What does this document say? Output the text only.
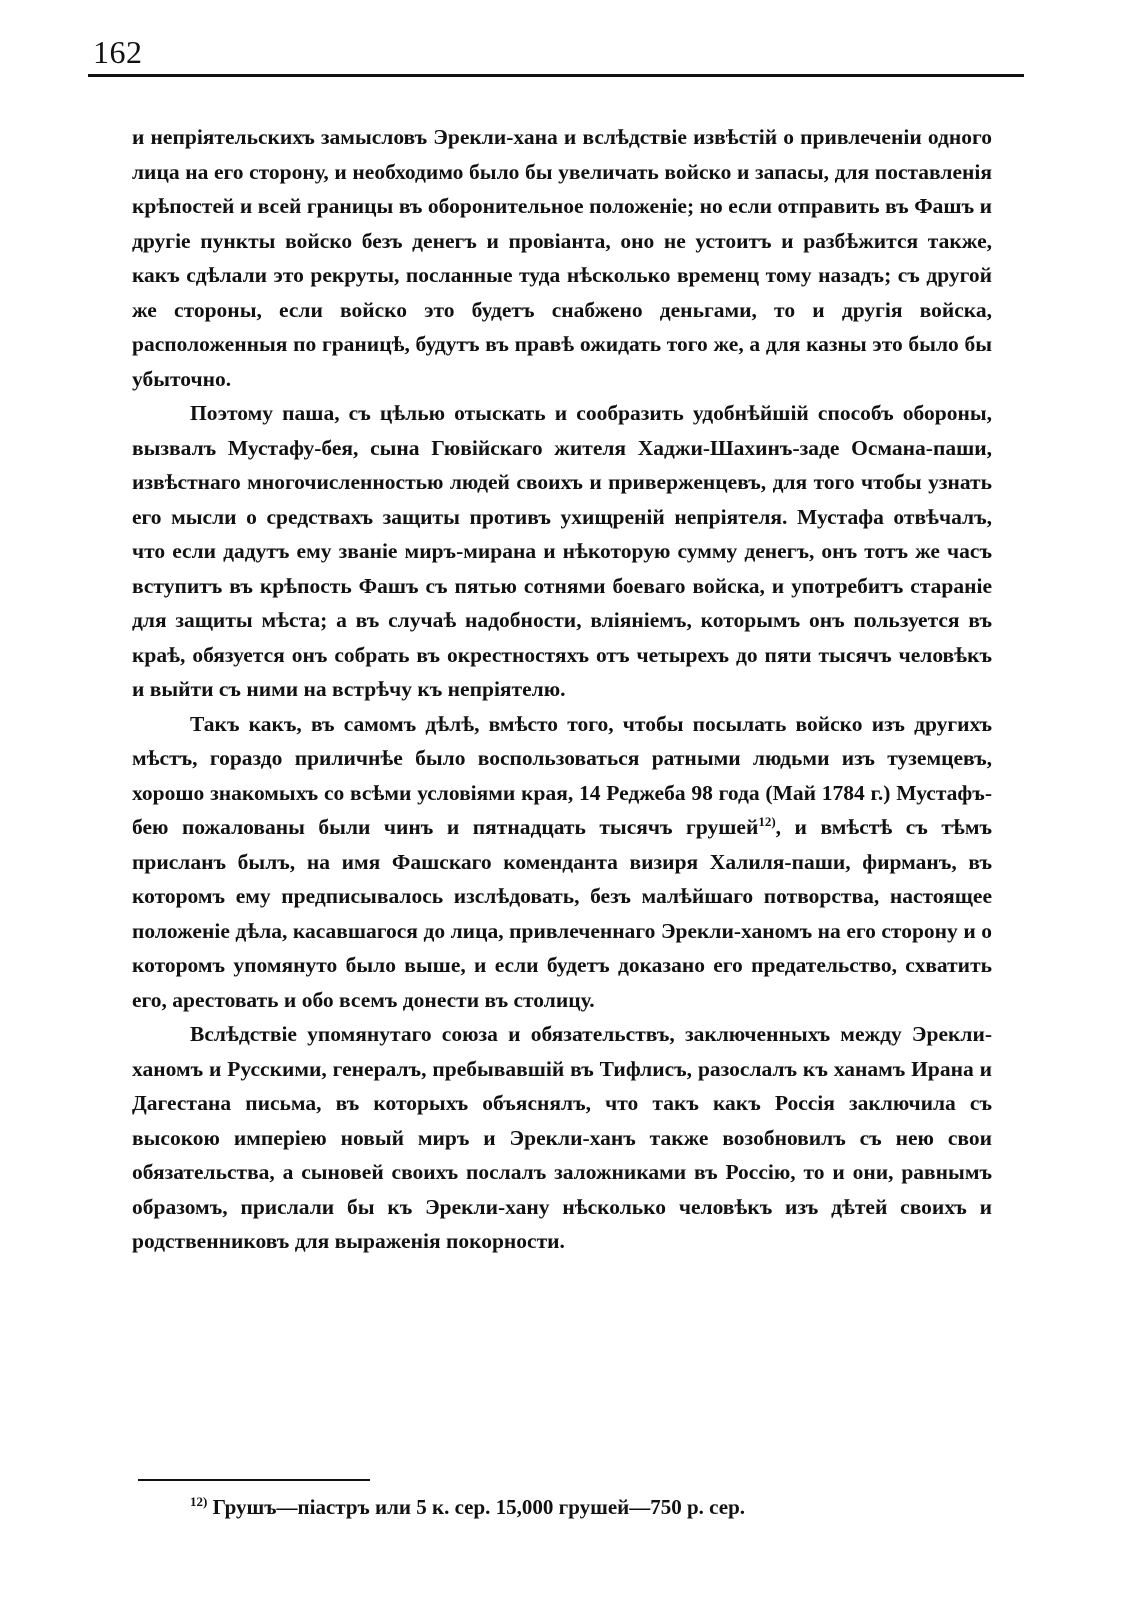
162

и непріятельскихъ замысловъ Эрекли-хана и вслѣдствіе извѣстій о привлеченіи одного лица на его сторону, и необходимо было бы увеличать войско и запасы, для поставленія крѣпостей и всей границы въ оборонительное положеніе; но если отправить въ Фашъ и другіе пункты войско безъ денегъ и провіанта, оно не устоитъ и разбѣжится также, какъ сдѣлали это рекруты, посланные туда нѣсколько временц тому назадъ; съ другой же стороны, если войско это будетъ снабжено деньгами, то и другія войска, расположенныя по границѣ, будутъ въ правѣ ожидать того же, а для казны это было бы убыточно.

Поэтому паша, съ цѣлью отыскать и сообразить удобнѣйшій способъ обороны, вызвалъ Мустафу-бея, сына Гювійскаго жителя Хаджи-Шахинъ-заде Османа-паши, извѣстнаго многочисленностью людей своихъ и приверженцевъ, для того чтобы узнать его мысли о средствахъ защиты противъ ухищреній непріятеля. Мустафа отвѣчалъ, что если дадутъ ему званіе миръ-мирана и нѣкоторую сумму денегъ, онъ тотъ же часъ вступитъ въ крѣпость Фашъ съ пятью сотнями боеваго войска, и употребитъ стараніе для защиты мѣста; а въ случаѣ надобности, вліяніемъ, которымъ онъ пользуется въ краѣ, обязуется онъ собрать въ окрестностяхъ отъ четырехъ до пяти тысячъ человѣкъ и выйти съ ними на встрѣчу къ непріятелю.

Такъ какъ, въ самомъ дѣлѣ, вмѣсто того, чтобы посылать войско изъ другихъ мѣстъ, гораздо приличнѣе было воспользоваться ратными людьми изъ туземцевъ, хорошо знакомыхъ со всѣми условіями края, 14 Реджеба 98 года (Май 1784 г.) Мустафъ-бею пожалованы были чинъ и пятнадцать тысячъ грушей$^{12)}$, и вмѣстѣ съ тѣмъ присланъ былъ, на имя Фашскаго коменданта визиря Халиля-паши, фирманъ, въ которомъ ему предписывалось изслѣдовать, безъ малѣйшаго потворства, настоящее положеніе дѣла, касавшагося до лица, привлеченнаго Эрекли-ханомъ на его сторону и о которомъ упомянуто было выше, и если будетъ доказано его предательство, схватить его, арестовать и обо всемъ донести въ столицу.

Вслѣдствіе упомянутаго союза и обязательствъ, заключенныхъ между Эрекли-ханомъ и Русскими, генералъ, пребывавшій въ Тифлисъ, разослалъ къ ханамъ Ирана и Дагестана письма, въ которыхъ объяснялъ, что такъ какъ Россія заключила съ высокою имперіею новый миръ и Эрекли-ханъ также возобновилъ съ нею свои обязательства, а сыновей своихъ послалъ заложниками въ Россію, то и они, равнымъ образомъ, прислали бы къ Эрекли-хану нѣсколько человѣкъ изъ дѣтей своихъ и родственниковъ для выраженія покорности.

$^{12)}$ Грушъ—піастръ или 5 к. сер. 15,000 грушей—750 р. сер.
